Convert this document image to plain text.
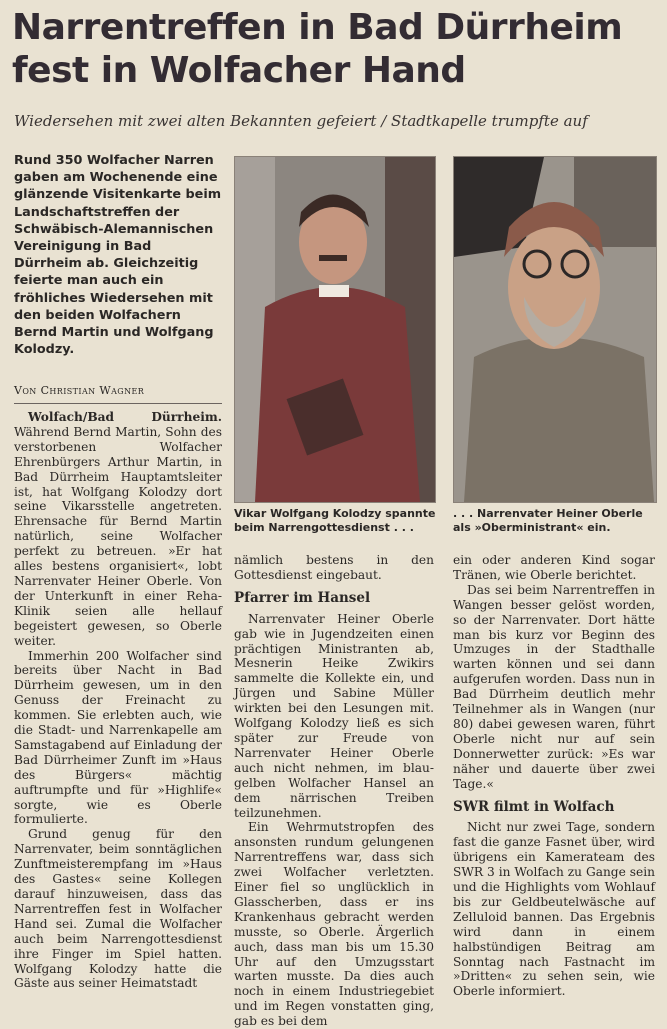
Narrentreffen in Bad Dürrheim fest in Wolfacher Hand

Wiedersehen mit zwei alten Bekannten gefeiert / Stadtkapelle trumpfte auf

Rund 350 Wolfacher Narren gaben am Wochenende eine glänzende Visitenkarte beim Landschaftstreffen der Schwäbisch-Alemannischen Vereinigung in Bad Dürrheim ab. Gleichzeitig feierte man auch ein fröhliches Wiedersehen mit den beiden Wolfachern Bernd Martin und Wolfgang Kolodzy.

Von Christian Wagner

Wolfach/Bad Dürrheim. Während Bernd Martin, Sohn des verstorbenen Wolfacher Ehrenbürgers Arthur Martin, in Bad Dürrheim Hauptamtsleiter ist, hat Wolfgang Kolodzy dort seine Vikarsstelle angetreten. Ehrensache für Bernd Martin natürlich, seine Wolfacher perfekt zu betreuen. »Er hat alles bestens organisiert«, lobt Narrenvater Heiner Oberle. Von der Unterkunft in einer Reha-Klinik seien alle hellauf begeistert gewesen, so Oberle weiter.

Immerhin 200 Wolfacher sind bereits über Nacht in Bad Dürrheim gewesen, um in den Genuss der Freinacht zu kommen. Sie erlebten auch, wie die Stadt- und Narrenkapelle am Samstagabend auf Einladung der Bad Dürrheimer Zunft im »Haus des Bürgers« mächtig auftrumpfte und für »Highlife« sorgte, wie es Oberle formulierte.

Grund genug für den Narrenvater, beim sonntäglichen Zunftmeisterempfang im »Haus des Gastes« seine Kollegen darauf hinzuweisen, dass das Narrentreffen fest in Wolfacher Hand sei. Zumal die Wolfacher auch beim Narrengottesdienst ihre Finger im Spiel hatten. Wolfgang Kolodzy hatte die Gäste aus seiner Heimatstadt

Vikar Wolfgang Kolodzy spannte beim Narrengottesdienst . . .

. . . Narrenvater Heiner Oberle als »Oberministrant« ein.

nämlich bestens in den Gottesdienst eingebaut.

Pfarrer im Hansel

Narrenvater Heiner Oberle gab wie in Jugendzeiten einen prächtigen Ministranten ab, Mesnerin Heike Zwikirs sammelte die Kollekte ein, und Jürgen und Sabine Müller wirkten bei den Lesungen mit. Wolfgang Kolodzy ließ es sich später zur Freude von Narrenvater Heiner Oberle auch nicht nehmen, im blau-gelben Wolfacher Hansel an dem närrischen Treiben teilzunehmen.

Ein Wehrmutstropfen des ansonsten rundum gelungenen Narrentreffens war, dass sich zwei Wolfacher verletzten. Einer fiel so unglücklich in Glasscherben, dass er ins Krankenhaus gebracht werden musste, so Oberle. Ärgerlich auch, dass man bis um 15.30 Uhr auf den Umzugsstart warten musste. Da dies auch noch in einem Industriegebiet und im Regen vonstatten ging, gab es bei dem

ein oder anderen Kind sogar Tränen, wie Oberle berichtet.

Das sei beim Narrentreffen in Wangen besser gelöst worden, so der Narrenvater. Dort hätte man bis kurz vor Beginn des Umzuges in der Stadthalle warten können und sei dann aufgerufen worden. Dass nun in Bad Dürrheim deutlich mehr Teilnehmer als in Wangen (nur 80) dabei gewesen waren, führt Oberle nicht nur auf sein Donnerwetter zurück: »Es war näher und dauerte über zwei Tage.«

SWR filmt in Wolfach

Nicht nur zwei Tage, sondern fast die ganze Fasnet über, wird übrigens ein Kamerateam des SWR 3 in Wolfach zu Gange sein und die Highlights vom Wohlauf bis zur Geldbeutelwäsche auf Zelluloid bannen. Das Ergebnis wird dann in einem halbstündigen Beitrag am Sonntag nach Fastnacht im »Dritten« zu sehen sein, wie Oberle informiert.
